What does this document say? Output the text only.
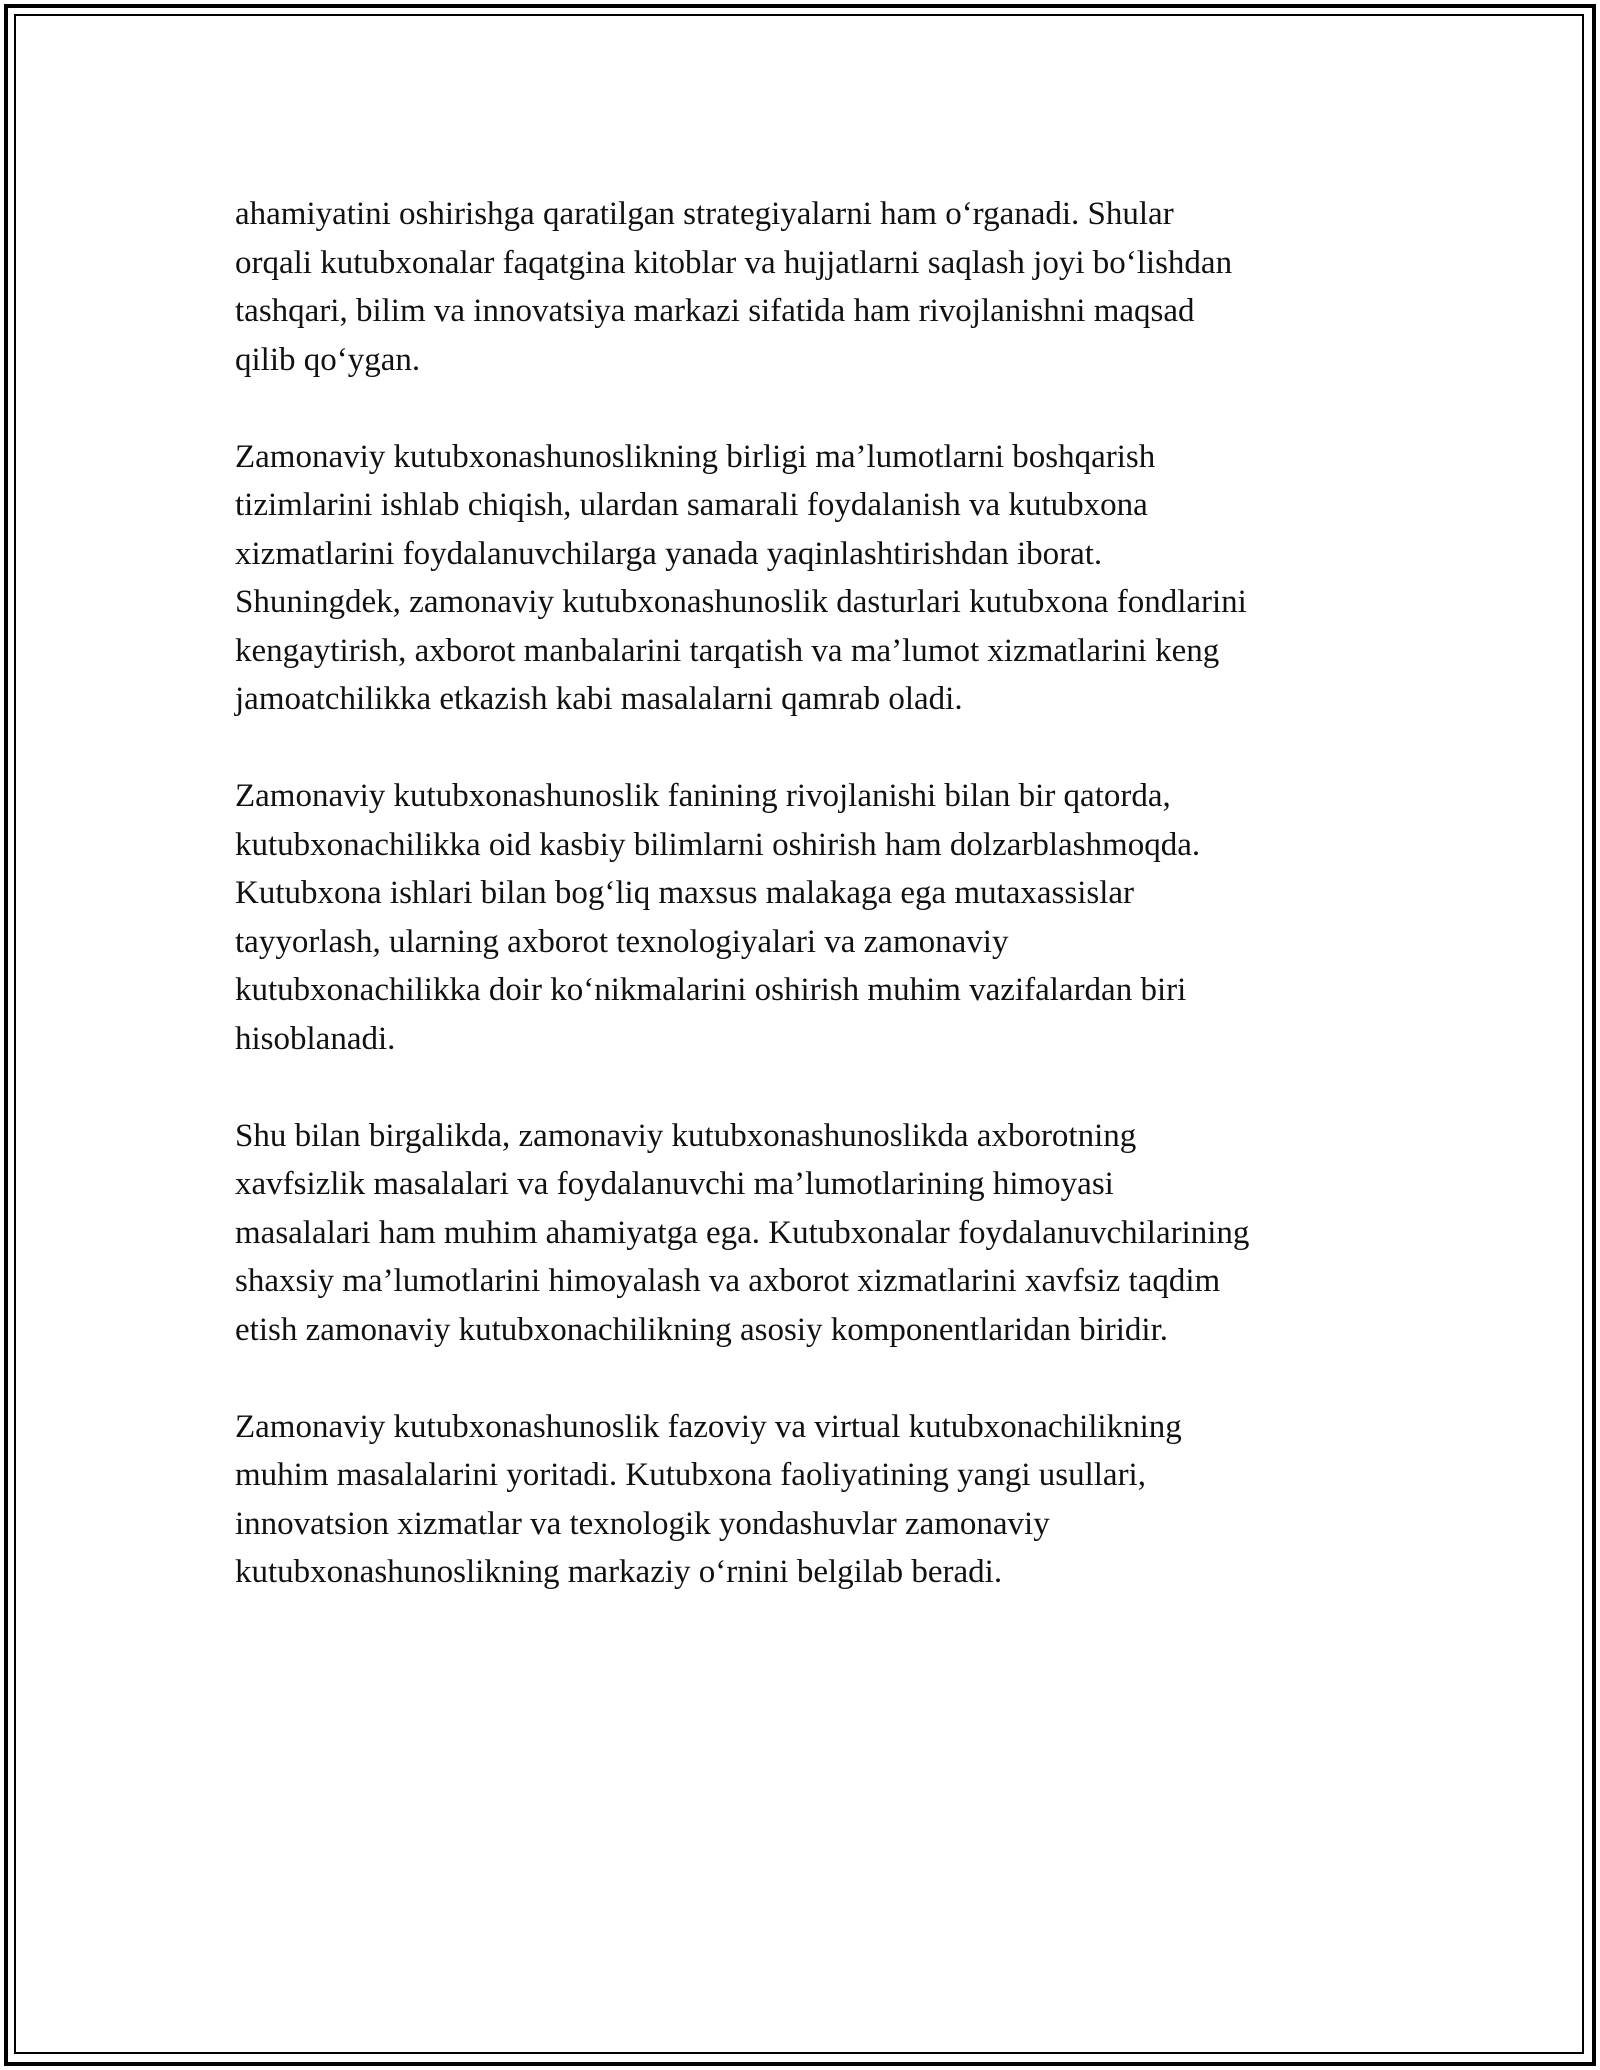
ahamiyatini oshirishga qaratilgan strategiyalarni ham o‘rganadi. Shular
orqali kutubxonalar faqatgina kitoblar va hujjatlarni saqlash joyi bo‘lishdan
tashqari, bilim va innovatsiya markazi sifatida ham rivojlanishni maqsad
qilib qo‘ygan.

Zamonaviy kutubxonashunoslikning birligi ma’lumotlarni boshqarish
tizimlarini ishlab chiqish, ulardan samarali foydalanish va kutubxona
xizmatlarini foydalanuvchilarga yanada yaqinlashtirishdan iborat.
Shuningdek, zamonaviy kutubxonashunoslik dasturlari kutubxona fondlarini
kengaytirish, axborot manbalarini tarqatish va ma’lumot xizmatlarini keng
jamoatchilikka etkazish kabi masalalarni qamrab oladi.

Zamonaviy kutubxonashunoslik fanining rivojlanishi bilan bir qatorda,
kutubxonachilikka oid kasbiy bilimlarni oshirish ham dolzarblashmoqda.
Kutubxona ishlari bilan bog‘liq maxsus malakaga ega mutaxassislar
tayyorlash, ularning axborot texnologiyalari va zamonaviy
kutubxonachilikka doir ko‘nikmalarini oshirish muhim vazifalardan biri
hisoblanadi.

Shu bilan birgalikda, zamonaviy kutubxonashunoslikda axborotning
xavfsizlik masalalari va foydalanuvchi ma’lumotlarining himoyasi
masalalari ham muhim ahamiyatga ega. Kutubxonalar foydalanuvchilarining
shaxsiy ma’lumotlarini himoyalash va axborot xizmatlarini xavfsiz taqdim
etish zamonaviy kutubxonachilikning asosiy komponentlaridan biridir.

Zamonaviy kutubxonashunoslik fazoviy va virtual kutubxonachilikning
muhim masalalarini yoritadi. Kutubxona faoliyatining yangi usullari,
innovatsion xizmatlar va texnologik yondashuvlar zamonaviy
kutubxonashunoslikning markaziy o‘rnini belgilab beradi.
